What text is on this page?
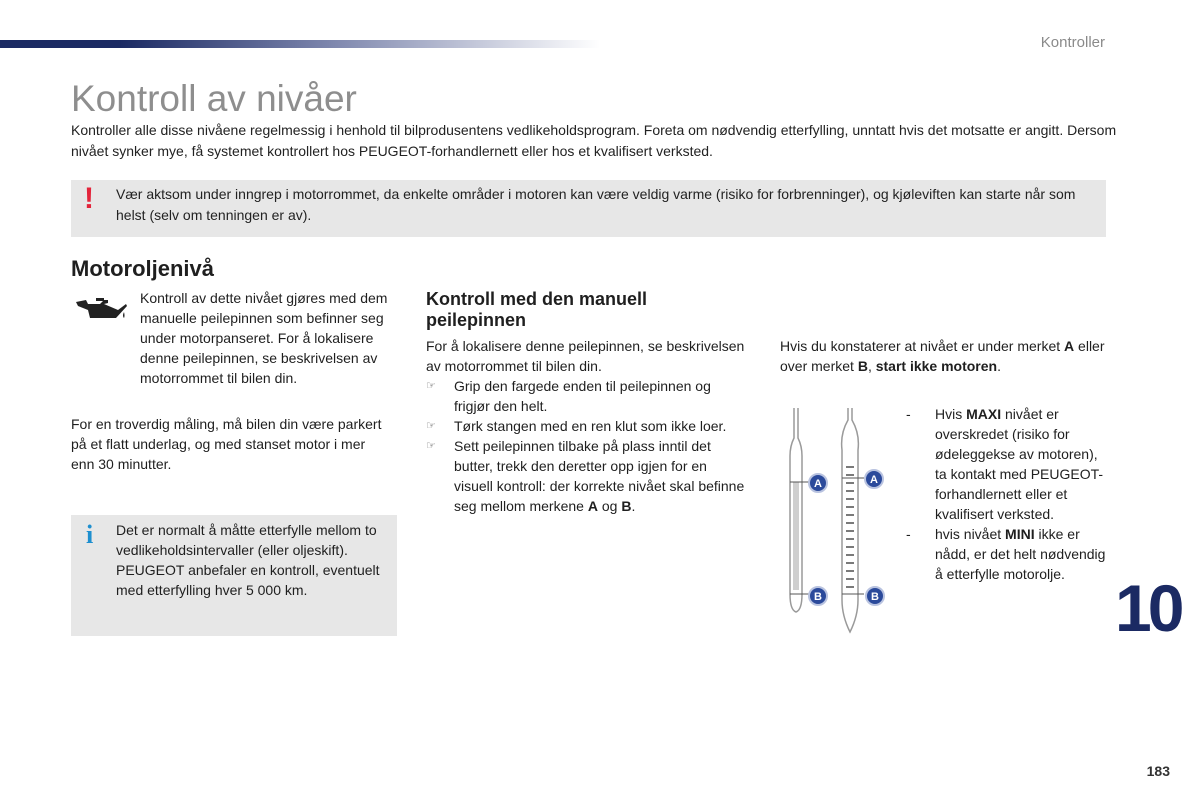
Kontroller
Kontroll av nivåer

Kontroller alle disse nivåene regelmessig i henhold til bilprodusentens vedlikeholdsprogram. Foreta om nødvendig etterfylling, unntatt hvis det motsatte er angitt. Dersom nivået synker mye, få systemet kontrollert hos PEUGEOT-forhandlernett eller hos et kvalifisert verksted.

! Vær aktsom under inngrep i motorrommet, da enkelte områder i motoren kan være veldig varme (risiko for forbrenninger), og kjøleviften kan starte når som helst (selv om tenningen er av).

Motoroljenivå

Kontroll av dette nivået gjøres med dem manuelle peilepinnen som befinner seg under motorpanseret. For å lokalisere denne peilepinnen, se beskrivelsen av motorrommet til bilen din.

For en troverdig måling, må bilen din være parkert på et flatt underlag, og med stanset motor i mer enn 30 minutter.

i Det er normalt å måtte etterfylle mellom to vedlikeholdsintervaller (eller oljeskift). PEUGEOT anbefaler en kontroll, eventuelt med etterfylling hver 5 000 km.

Kontroll med den manuell peilepinnen

For å lokalisere denne peilepinnen, se beskrivelsen av motorrommet til bilen din.

☞ Grip den fargede enden til peilepinnen og frigjør den helt.
☞ Tørk stangen med en ren klut som ikke loer.
☞ Sett peilepinnen tilbake på plass inntil det butter, trekk den deretter opp igjen for en visuell kontroll: der korrekte nivået skal befinne seg mellom merkene A og B.

Hvis du konstaterer at nivået er under merket A eller over merket B, start ikke motoren.

A	A
B	B
- Hvis MAXI nivået er overskredet (risiko for ødeleggekse av motoren), ta kontakt med PEUGEOT-forhandlernett eller et kvalifisert verksted.
- hvis nivået MINI ikke er nådd, er det helt nødvendig å etterfylle motorolje. 10
183
